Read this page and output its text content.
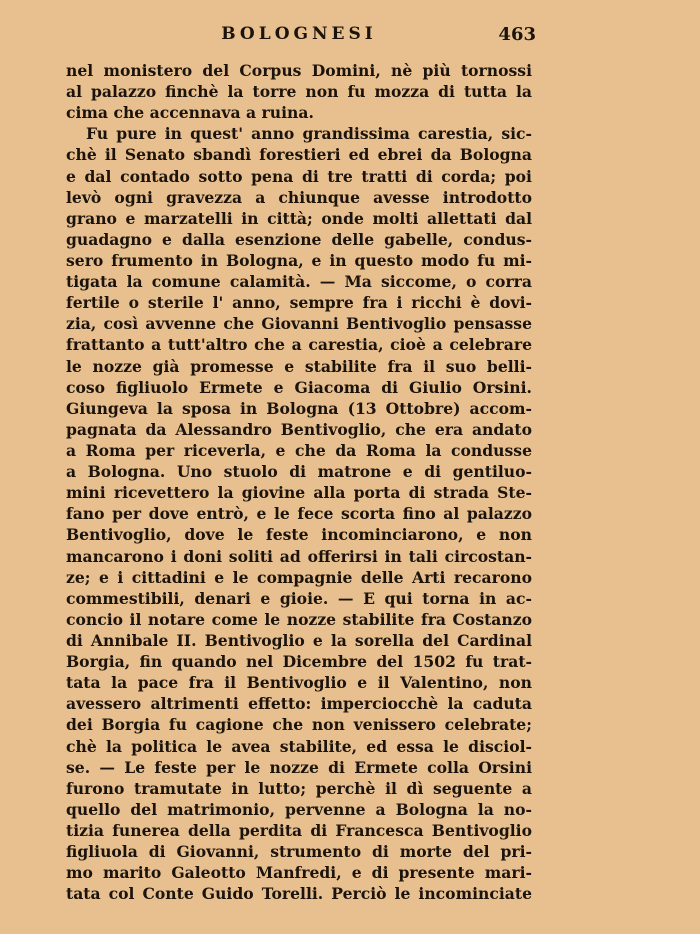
BOLOGNESI	463
nel monistero del Corpus Domini, nè più tornossi
al palazzo finchè la torre non fu mozza di tutta la
cima che accennava a ruina.
Fu pure in quest' anno grandissima carestia, sic-
chè il Senato sbandì forestieri ed ebrei da Bologna
e dal contado sotto pena di tre tratti di corda; poi
levò ogni gravezza a chiunque avesse introdotto
grano e marzatelli in città; onde molti allettati dal
guadagno e dalla esenzione delle gabelle, condus-
sero frumento in Bologna, e in questo modo fu mi-
tigata la comune calamità. — Ma siccome, o corra
fertile o sterile l' anno, sempre fra i ricchi è dovi-
zia, così avvenne che Giovanni Bentivoglio pensasse
frattanto a tutt'altro che a carestia, cioè a celebrare
le nozze già promesse e stabilite fra il suo belli-
coso figliuolo Ermete e Giacoma di Giulio Orsini.
Giungeva la sposa in Bologna (13 Ottobre) accom-
pagnata da Alessandro Bentivoglio, che era andato
a Roma per riceverla, e che da Roma la condusse
a Bologna. Uno stuolo di matrone e di gentiluo-
mini ricevettero la giovine alla porta di strada Ste-
fano per dove entrò, e le fece scorta fino al palazzo
Bentivoglio, dove le feste incominciarono, e non
mancarono i doni soliti ad offerirsi in tali circostan-
ze; e i cittadini e le compagnie delle Arti recarono
commestibili, denari e gioie. — E qui torna in ac-
concio il notare come le nozze stabilite fra Costanzo
di Annibale II. Bentivoglio e la sorella del Cardinal
Borgia, fin quando nel Dicembre del 1502 fu trat-
tata la pace fra il Bentivoglio e il Valentino, non
avessero altrimenti effetto: imperciocchè la caduta
dei Borgia fu cagione che non venissero celebrate;
chè la politica le avea stabilite, ed essa le disciol-
se. — Le feste per le nozze di Ermete colla Orsini
furono tramutate in lutto; perchè il dì seguente a
quello del matrimonio, pervenne a Bologna la no-
tizia funerea della perdita di Francesca Bentivoglio
figliuola di Giovanni, strumento di morte del pri-
mo marito Galeotto Manfredi, e di presente mari-
tata col Conte Guido Torelli. Perciò le incominciate
